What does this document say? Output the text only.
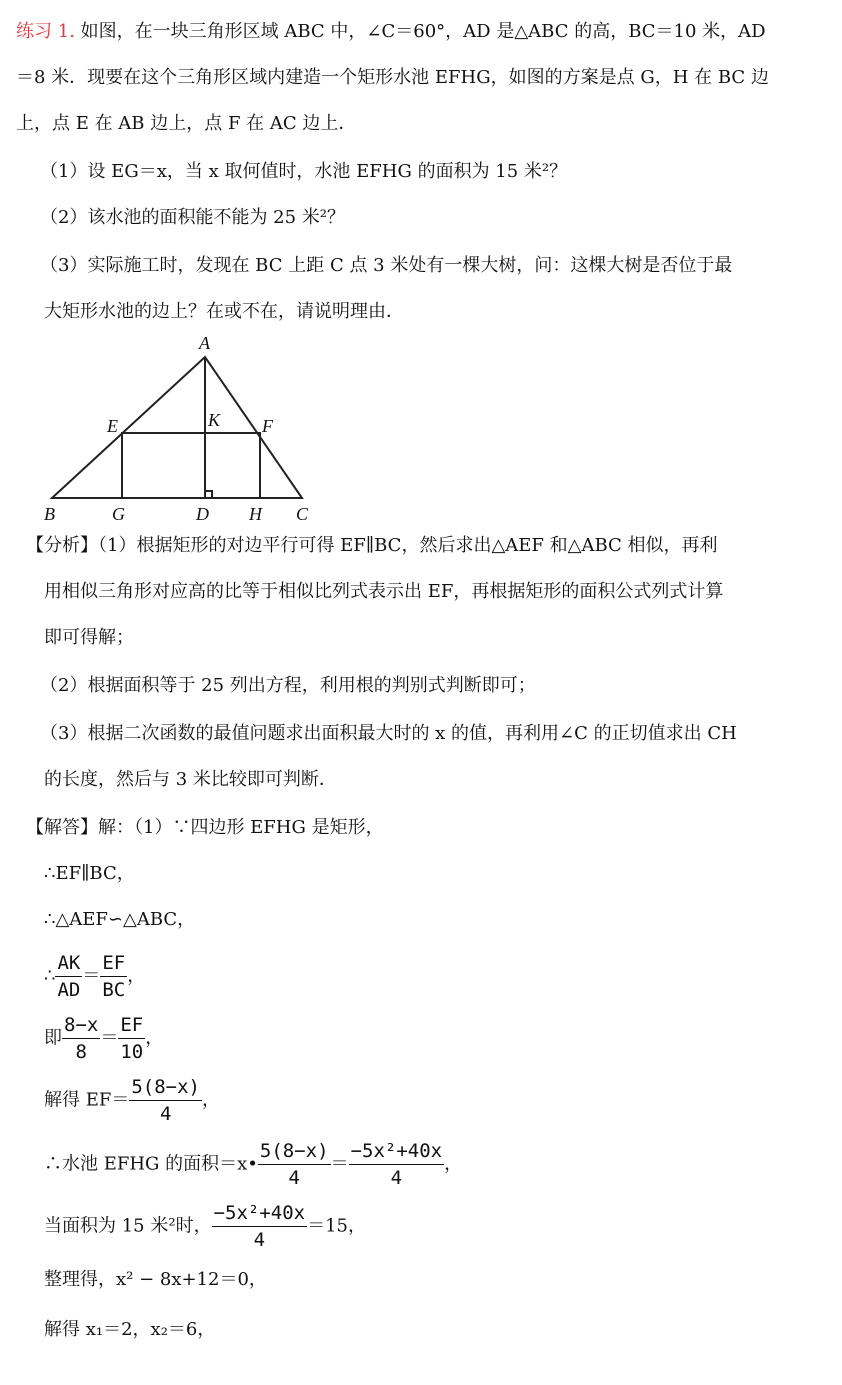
练习 1. 如图，在一块三角形区域 ABC 中，∠C＝60°，AD 是△ABC 的高，BC＝10 米，AD
＝8 米．现要在这个三角形区域内建造一个矩形水池 EFHG，如图的方案是点 G，H 在 BC 边
上，点 E 在 AB 边上，点 F 在 AC 边上．
（1）设 EG＝x，当 x 取何值时，水池 EFHG 的面积为 15 米²？
（2）该水池的面积能不能为 25 米²？
（3）实际施工时，发现在 BC 上距 C 点 3 米处有一棵大树，问：这棵大树是否位于最
大矩形水池的边上？在或不在，请说明理由．
A
B	C
D
E	F
G	H
K
【分析】（1）根据矩形的对边平行可得 EF∥BC，然后求出△AEF 和△ABC 相似，再利
用相似三角形对应高的比等于相似比列式表示出 EF，再根据矩形的面积公式列式计算
即可得解；
（2）根据面积等于 25 列出方程，利用根的判别式判断即可；
（3）根据二次函数的最值问题求出面积最大时的 x 的值，再利用∠C 的正切值求出 CH
的长度，然后与 3 米比较即可判断．
【解答】解：（1）∵四边形 EFHG 是矩形，
∴EF∥BC，
∴△AEF∽△ABC，
∴ $\frac{AK}{AD} = \frac{EF}{BC}$ ，
即 $\frac{8-x}{8} = \frac{EF}{10}$ ，
解得 $EF= \frac{5(8-x)}{4}$ ，
∴水池 EFHG 的面积＝x• $\frac{5(8-x)}{4} = \frac{\text{−5x²+40x}}{4}$ ，
当面积为 15 米²时， $\frac{\text{−5x²+40x}}{4} =15$，
整理得，x² − 8x+12＝0，
解得 x₁＝2，x₂＝6，
